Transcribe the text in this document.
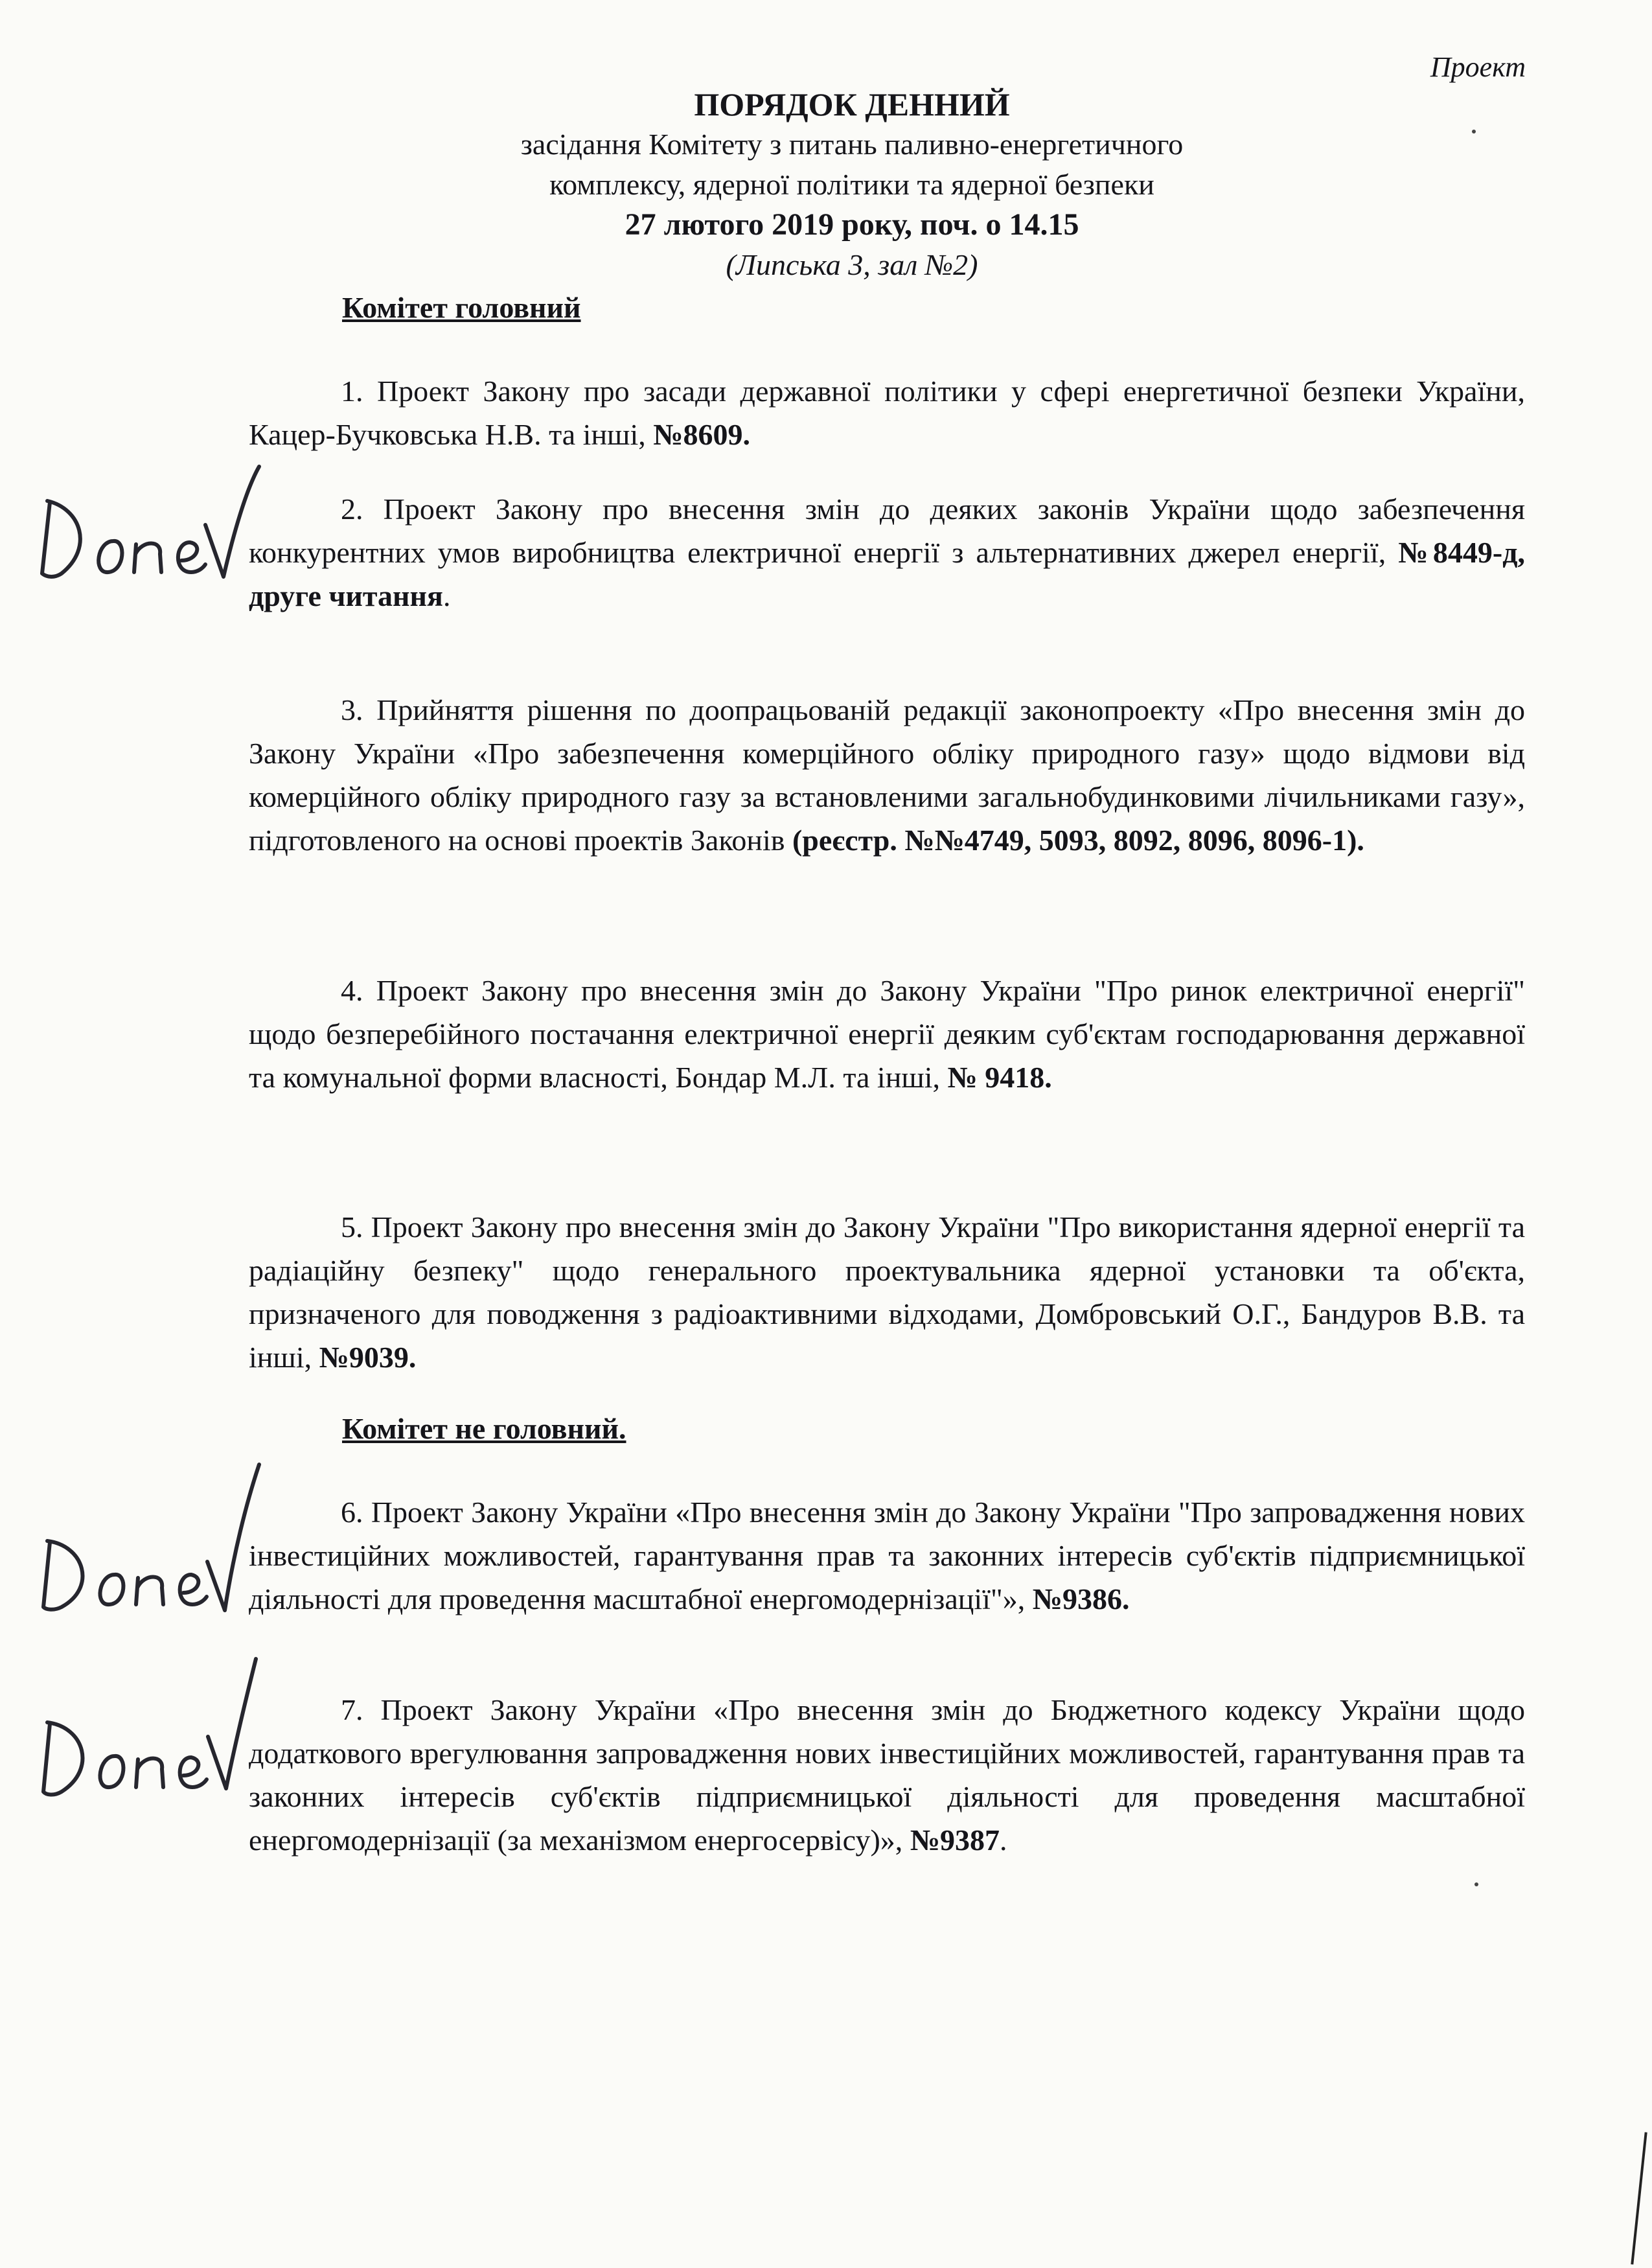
Проект
ПОРЯДОК ДЕННИЙ
засідання Комітету з питань паливно-енергетичного
комплексу, ядерної політики та ядерної безпеки
27 лютого 2019 року, поч. о 14.15
(Липська 3, зал №2)
Комітет головний
1. Проект Закону про засади державної політики у сфері енергетичної безпеки України, Кацер-Бучковська Н.В. та інші, №8609.
2. Проект Закону про внесення змін до деяких законів України щодо забезпечення конкурентних умов виробництва електричної енергії з альтернативних джерел енергії, №8449-д, друге читання.
3. Прийняття рішення по доопрацьованій редакції законопроекту «Про внесення змін до Закону України «Про забезпечення комерційного обліку природного газу» щодо відмови від комерційного обліку природного газу за встановленими загальнобудинковими лічильниками газу», підготовленого на основі проектів Законів (реєстр. №№4749, 5093, 8092, 8096, 8096-1).
4. Проект Закону про внесення змін до Закону України "Про ринок електричної енергії" щодо безперебійного постачання електричної енергії деяким суб'єктам господарювання державної та комунальної форми власності, Бондар М.Л. та інші, № 9418.
5. Проект Закону про внесення змін до Закону України "Про використання ядерної енергії та радіаційну безпеку" щодо генерального проектувальника ядерної установки та об'єкта, призначеного для поводження з радіоактивними відходами, Домбровський О.Г., Бандуров В.В. та інші, №9039.
Комітет не головний.
6. Проект Закону України «Про внесення змін до Закону України "Про запровадження нових інвестиційних можливостей, гарантування прав та законних інтересів суб'єктів підприємницької діяльності для проведення масштабної енергомодернізації"», №9386.
7. Проект Закону України «Про внесення змін до Бюджетного кодексу України щодо додаткового врегулювання запровадження нових інвестиційних можливостей, гарантування прав та законних інтересів суб'єктів підприємницької діяльності для проведення масштабної енергомодернізації (за механізмом енергосервісу)», №9387.
